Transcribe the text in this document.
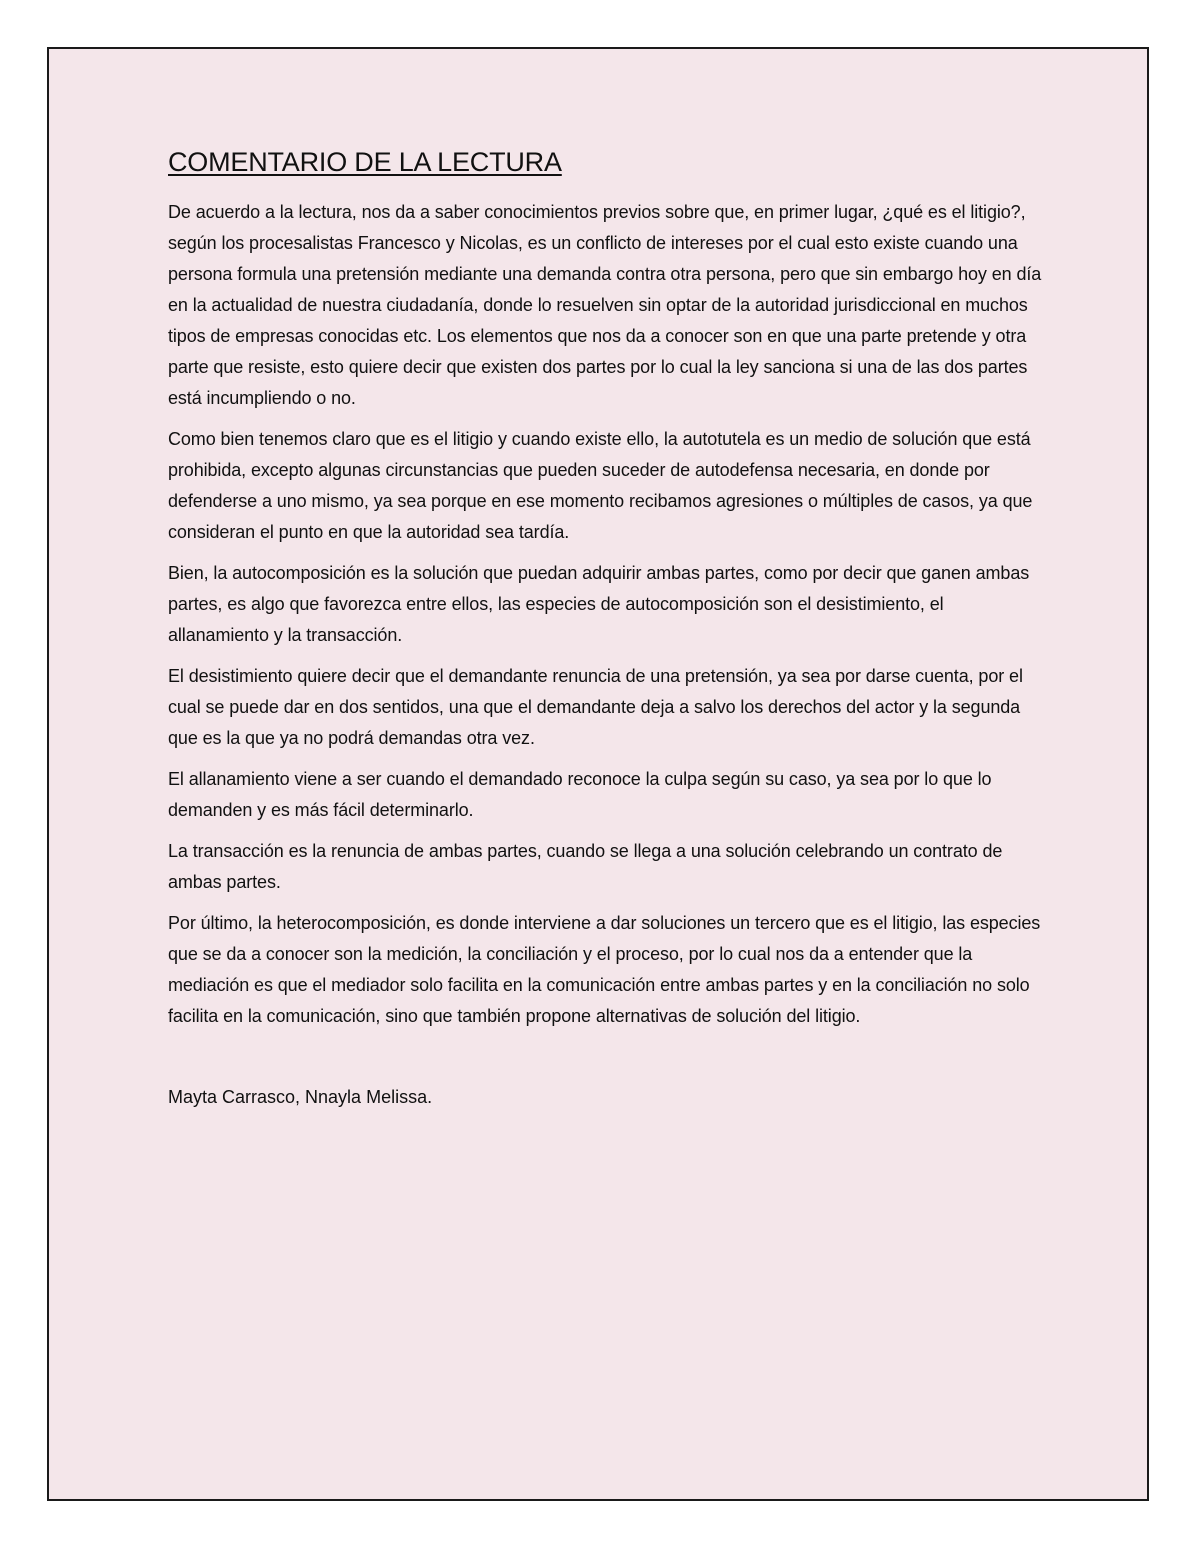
COMENTARIO DE LA LECTURA

De acuerdo a la lectura, nos da a saber conocimientos previos sobre que, en primer lugar, ¿qué es el litigio?, según los procesalistas Francesco y Nicolas, es un conflicto de intereses por el cual esto existe cuando una persona formula una pretensión mediante una demanda contra otra persona, pero que sin embargo hoy en día en la actualidad de nuestra ciudadanía, donde lo resuelven sin optar de la autoridad jurisdiccional en muchos tipos de empresas conocidas etc. Los elementos que nos da a conocer son en que una parte pretende y otra parte que resiste, esto quiere decir que existen dos partes por lo cual la ley sanciona si una de las dos partes está incumpliendo o no.

Como bien tenemos claro que es el litigio y cuando existe ello, la autotutela es un medio de solución que está prohibida, excepto algunas circunstancias que pueden suceder de autodefensa necesaria, en donde por defenderse a uno mismo, ya sea porque en ese momento recibamos agresiones o múltiples de casos, ya que consideran el punto en que la autoridad sea tardía.

Bien, la autocomposición es la solución que puedan adquirir ambas partes, como por decir que ganen ambas partes, es algo que favorezca entre ellos, las especies de autocomposición son el desistimiento, el allanamiento y la transacción.

El desistimiento quiere decir que el demandante renuncia de una pretensión, ya sea por darse cuenta, por el cual se puede dar en dos sentidos, una que el demandante deja a salvo los derechos del actor y la segunda que es la que ya no podrá demandas otra vez.

El allanamiento viene a ser cuando el demandado reconoce la culpa según su caso, ya sea por lo que lo demanden y es más fácil determinarlo.

La transacción es la renuncia de ambas partes, cuando se llega a una solución celebrando un contrato de ambas partes.

Por último, la heterocomposición, es donde interviene a dar soluciones un tercero que es el litigio, las especies que se da a conocer son la medición, la conciliación y el proceso, por lo cual nos da a entender que la mediación es que el mediador solo facilita en la comunicación entre ambas partes y en la conciliación no solo facilita en la comunicación, sino que también propone alternativas de solución del litigio.

Mayta Carrasco, Nnayla Melissa.
